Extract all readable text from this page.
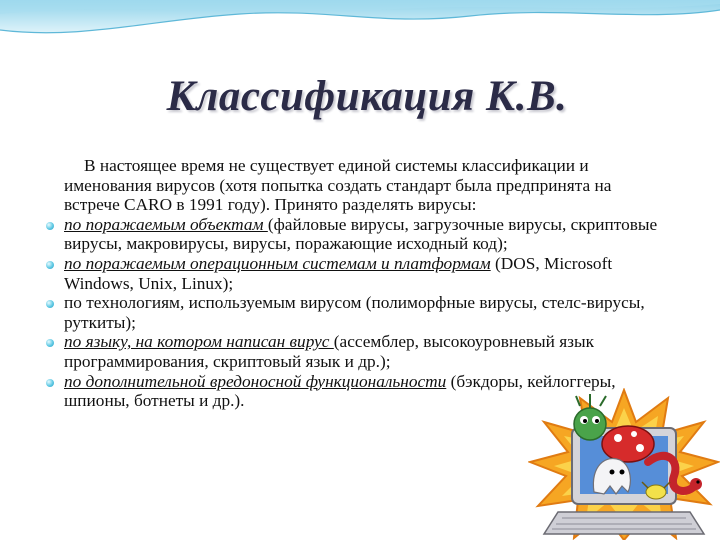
Классификация К.В.
В настоящее время не существует единой системы классификации и именования вирусов (хотя попытка создать стандарт была предпринята на встрече CARO в 1991 году). Принято разделять вирусы:
по поражаемым объектам (файловые вирусы, загрузочные вирусы, скриптовые вирусы, макровирусы, вирусы, поражающие исходный код);
по поражаемым операционным системам и платформам (DOS, Microsoft Windows, Unix, Linux);
по технологиям, используемым вирусом (полиморфные вирусы, стелс-вирусы, руткиты);
по языку, на котором написан вирус (ассемблер, высокоуровневый язык программирования, скриптовый язык и др.);
по дополнительной вредоносной функциональности (бэкдоры, кейлоггеры, шпионы, ботнеты и др.).
